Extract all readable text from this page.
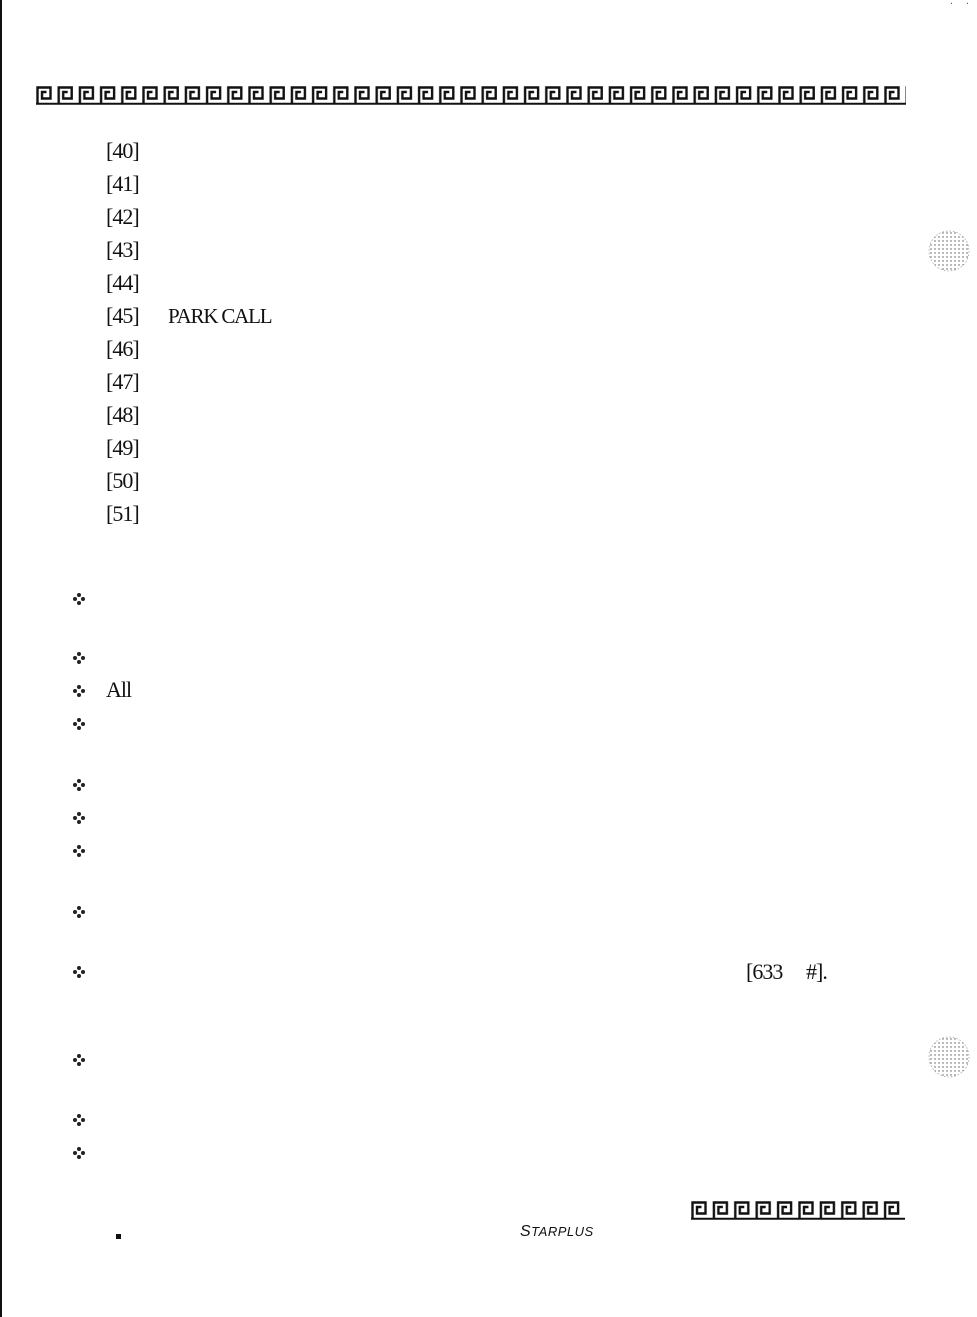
·    ·
[40]
[41]
[42]
[43]
[44]
[45] PARK CALL
[46]
[47]
[48]
[49]
[50]
[51]
All
[633 #].
STARPLUS
